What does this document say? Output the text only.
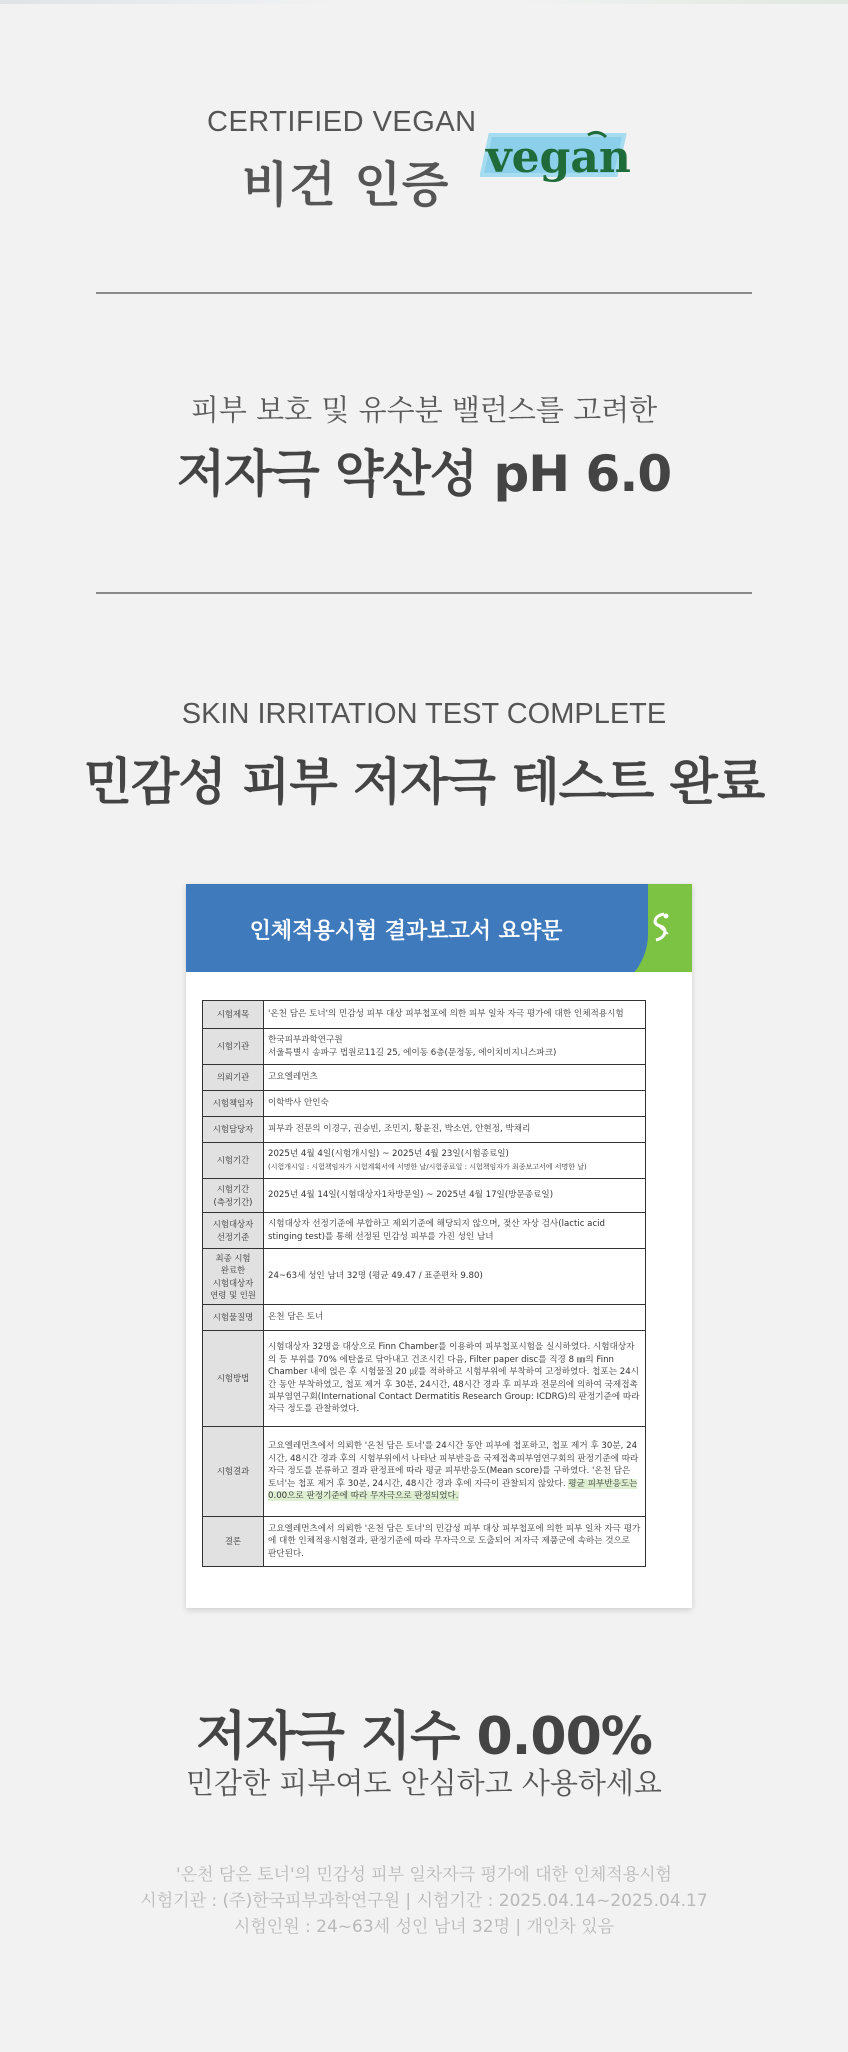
CERTIFIED VEGAN
비건 인증 vegan
피부 보호 및 유수분 밸런스를 고려한
저자극 약산성 pH 6.0
SKIN IRRITATION TEST COMPLETE
민감성 피부 저자극 테스트 완료
인체적용시험 결과보고서 요약문
시험제목	'온천 담은 토너'의 민감성 피부 대상 피부첩포에 의한 피부 일차 자극 평가에 대한 인체적용시험
시험기관	한국피부과학연구원
서울특별시 송파구 법원로11길 25, 에이동 6층(문정동, 에이치비지니스파크)
의뢰기관	고요엘레먼츠
시험책임자	이학박사 안인숙
시험담당자	피부과 전문의 이경구, 권승빈, 조민지, 황윤진, 박소연, 안현정, 박채리
시험기간	2025년 4월 4일(시험개시일) ~ 2025년 4월 23일(시험종료일)
(시험개시일 : 시험책임자가 시험계획서에 서명한 날/시험종료일 : 시험책임자가 최종보고서에 서명한 날)
시험기간
(측정기간)	2025년 4월 14일(시험대상자1차방문일) ~ 2025년 4월 17일(방문종료일)
시험대상자
선정기준	시험대상자 선정기준에 부합하고 제외기준에 해당되지 않으며, 젖산 자상 검사(lactic acid stinging test)를 통해 선정된 민감성 피부를 가진 성인 남녀
최종 시험
완료한
시험대상자
연령 및 인원	24~63세 성인 남녀 32명 (평균 49.47 / 표준편차 9.80)
시험물질명	온천 담은 토너
시험방법	시험대상자 32명을 대상으로 Finn Chamber를 이용하여 피부첩포시험을 실시하였다. 시험대상자의 등 부위를 70% 에탄올로 닦아내고 건조시킨 다음, Filter paper disc를 직경 8 ㎜의 Finn Chamber 내에 얹은 후 시험물질 20 ㎕를 적하하고 시험부위에 부착하여 고정하였다. 첩포는 24시간 동안 부착하였고, 첩포 제거 후 30분, 24시간, 48시간 경과 후 피부과 전문의에 의하여 국제접촉피부염연구회(International Contact Dermatitis Research Group: ICDRG)의 판정기준에 따라 자극 정도를 관찰하였다.
시험결과	고요엘레먼츠에서 의뢰한 '온천 담은 토너'를 24시간 동안 피부에 첩포하고, 첩포 제거 후 30분, 24시간, 48시간 경과 후의 시험부위에서 나타난 피부반응을 국제접촉피부염연구회의 판정기준에 따라 자극 정도를 분류하고 결과 판정표에 따라 평균 피부반응도(Mean score)를 구하였다. '온천 담은 토너'는 첩포 제거 후 30분, 24시간, 48시간 경과 후에 자극이 관찰되지 않았다. 평균 피부반응도는 0.00으로 판정기준에 따라 무자극으로 판정되었다.
결론	고요엘레먼츠에서 의뢰한 '온천 담은 토너'의 민감성 피부 대상 피부첩포에 의한 피부 일차 자극 평가에 대한 인체적용시험결과, 판정기준에 따라 무자극으로 도출되어 저자극 제품군에 속하는 것으로 판단된다.
저자극 지수 0.00%
민감한 피부여도 안심하고 사용하세요
'온천 담은 토너'의 민감성 피부 일차자극 평가에 대한 인체적용시험
시험기관 : (주)한국피부과학연구원 | 시험기간 : 2025.04.14~2025.04.17
시험인원 : 24~63세 성인 남녀 32명 | 개인차 있음
